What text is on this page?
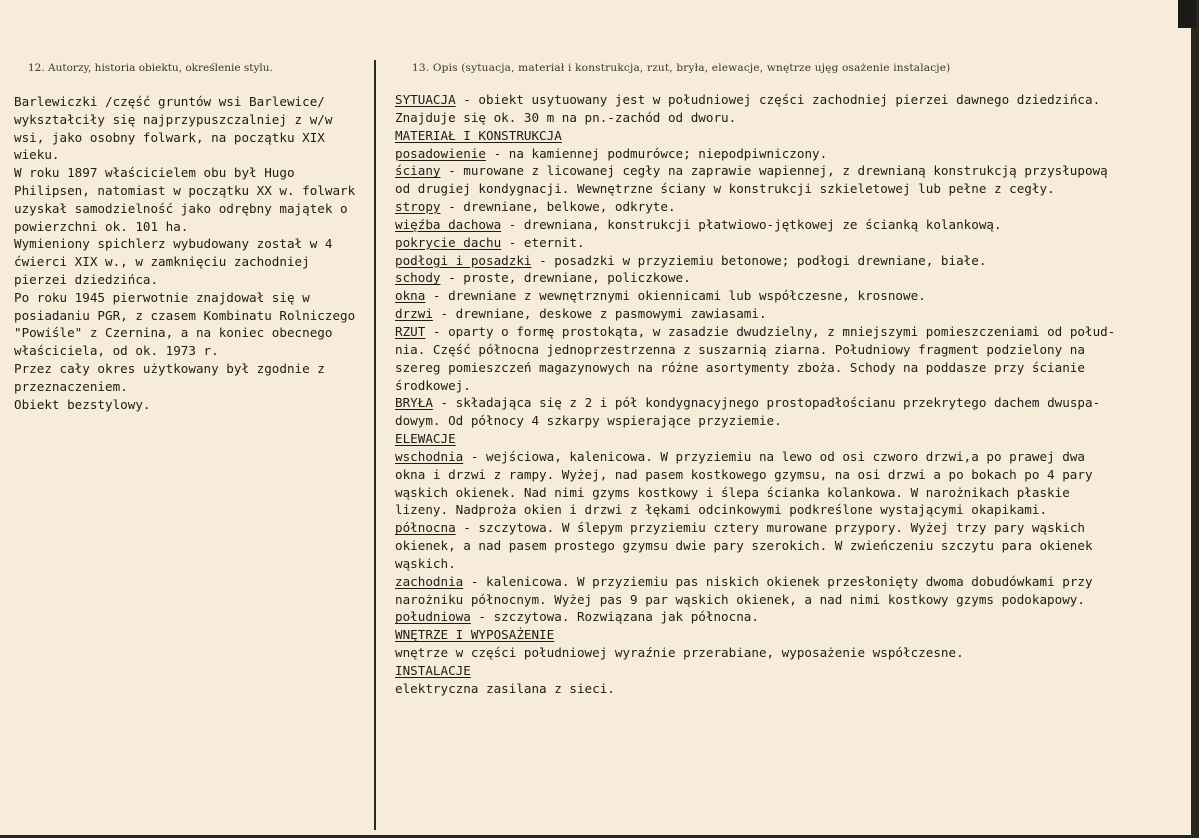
12. Autorzy, historia obiektu, określenie stylu.	13. Opis (sytuacja, materiał i konstrukcja, rzut, bryła, elewacje, wnętrze ujęg osażenie instalacje)

Barlewiczki /część gruntów wsi Barlewice/ wykształciły się najprzypuszczalniej z w/w wsi, jako osobny folwark, na początku XIX wieku.

W roku 1897 właścicielem obu był Hugo Philipsen, natomiast w początku XX w. folwark uzyskał samodzielność jako odrębny majątek o powierzchni ok. 101 ha.

Wymieniony spichlerz wybudowany został w 4 ćwierci XIX w., w zamknięciu zachodniej pierzei dziedzińca.

Po roku 1945 pierwotnie znajdował się w posiadaniu PGR, z czasem Kombinatu Rolniczego "Powiśle" z Czernina, a na koniec obecnego właściciela, od ok. 1973 r.

Przez cały okres użytkowany był zgodnie z przeznaczeniem.

Obiekt bezstylowy.

SYTUACJA - obiekt usytuowany jest w południowej części zachodniej pierzei dawnego dziedzińca.
Znajduje się ok. 30 m na pn.-zachód od dworu.
MATERIAŁ I KONSTRUKCJA
posadowienie - na kamiennej podmurówce; niepodpiwniczony.
ściany - murowane z licowanej cegły na zaprawie wapiennej, z drewnianą konstrukcją przysłupową
od drugiej kondygnacji. Wewnętrzne ściany w konstrukcji szkieletowej lub pełne z cegły.
stropy - drewniane, belkowe, odkryte.
więźba dachowa - drewniana, konstrukcji płatwiowo-jętkowej ze ścianką kolankową.
pokrycie dachu - eternit.
podłogi i posadzki - posadzki w przyziemiu betonowe; podłogi drewniane, białe.
schody - proste, drewniane, policzkowe.
okna - drewniane z wewnętrznymi okiennicami lub współczesne, krosnowe.
drzwi - drewniane, deskowe z pasmowymi zawiasami.
RZUT - oparty o formę prostokąta, w zasadzie dwudzielny, z mniejszymi pomieszczeniami od połud-
nia. Część północna jednoprzestrzenna z suszarnią ziarna. Południowy fragment podzielony na
szereg pomieszczeń magazynowych na różne asortymenty zboża. Schody na poddasze przy ścianie
środkowej.
BRYŁA - składająca się z 2 i pół kondygnacyjnego prostopadłościanu przekrytego dachem dwuspa-
dowym. Od północy 4 szkarpy wspierające przyziemie.
ELEWACJE
wschodnia - wejściowa, kalenicowa. W przyziemiu na lewo od osi czworo drzwi,a po prawej dwa
okna i drzwi z rampy. Wyżej, nad pasem kostkowego gzymsu, na osi drzwi a po bokach po 4 pary
wąskich okienek. Nad nimi gzyms kostkowy i ślepa ścianka kolankowa. W narożnikach płaskie
lizeny. Nadproża okien i drzwi z łękami odcinkowymi podkreślone wystającymi okapikami.
północna - szczytowa. W ślepym przyziemiu cztery murowane przypory. Wyżej trzy pary wąskich
okienek, a nad pasem prostego gzymsu dwie pary szerokich. W zwieńczeniu szczytu para okienek
wąskich.
zachodnia - kalenicowa. W przyziemiu pas niskich okienek przesłonięty dwoma dobudówkami przy
narożniku północnym. Wyżej pas 9 par wąskich okienek, a nad nimi kostkowy gzyms podokapowy.
południowa - szczytowa. Rozwiązana jak północna.
WNĘTRZE I WYPOSAŻENIE
wnętrze w części południowej wyraźnie przerabiane, wyposażenie współczesne.
INSTALACJE
elektryczna zasilana z sieci.
